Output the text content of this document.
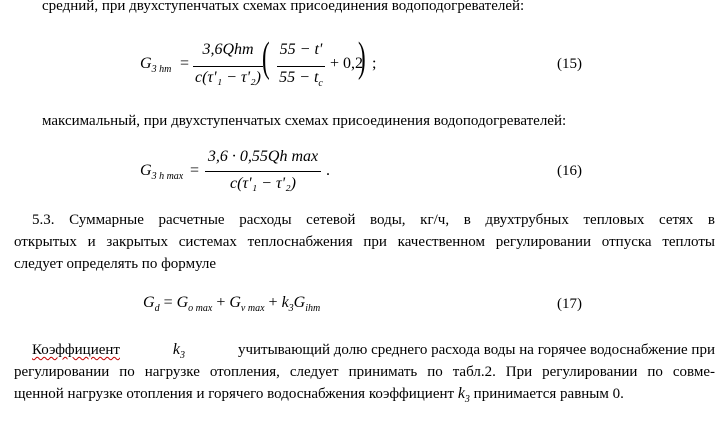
средний, при двухступенчатых схемах присоединения водоподогревателей:
$G_{3 hm}$ =
3,6Qhm
c(τ'₁ − τ'₂) ( 55 − t'
$55 - t_c$
+ 0,2
) ;	(15)
максимальный, при двухступенчатых схемах присоединения водоподогревателей:
$G_{3 h max}$ =
3,6 · 0,55Qh max
c(τ'₁ − τ'₂)
.	(16)
5.3. Суммарные расчетные расходы сетевой воды, кг/ч, в двухтрубных тепловых сетях в
открытых и закрытых системах теплоснабжения при качественном регулировании отпуска теплоты
следует определять по формуле
$G_d = G_{o max} + G_{v max} + k_3G_{ihm}$	(17)
Коэффициент	$k_3$	учитывающий долю среднего расхода воды на горячее водоснабжение при
регулировании по нагрузке отопления, следует принимать по табл.2. При регулировании по совме-
щенной нагрузке отопления и горячего водоснабжения коэффициент $k_3$ принимается равным 0.
